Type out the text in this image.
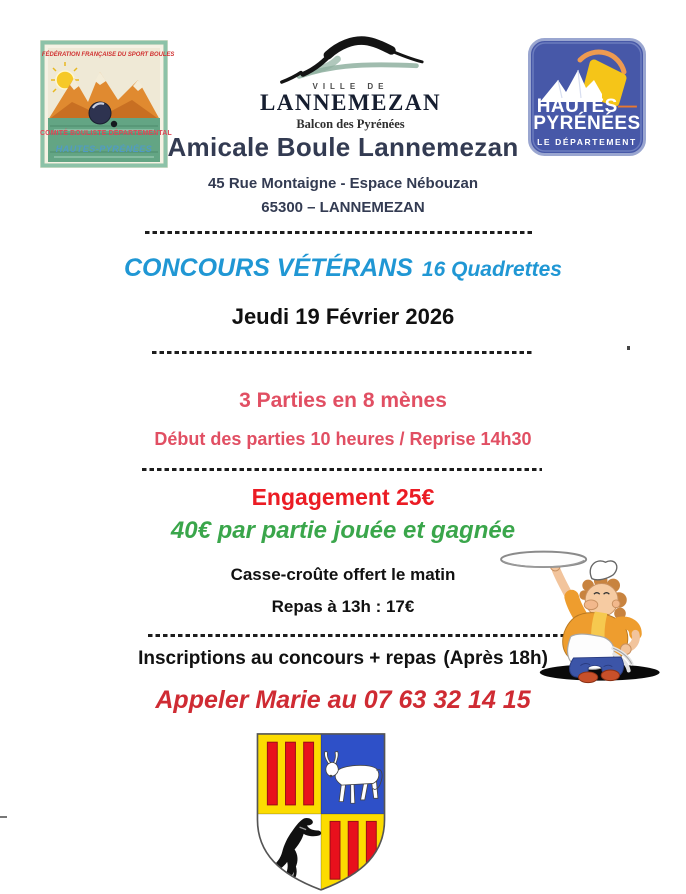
FÉDÉRATION FRANÇAISE DU SPORT BOULES
COMITÉ BOULISTE DÉPARTEMENTAL
HAUTES-PYRÉNÉES
VILLE DE
LANNEMEZAN
Balcon des Pyrénées
HAUTES—
PYRÉNÉES
LE DÉPARTEMENT
Amicale Boule Lannemezan
45 Rue Montaigne - Espace Nébouzan
65300 – LANNEMEZAN
CONCOURS VÉTÉRANS 16 Quadrettes
Jeudi 19 Février 2026
3 Parties en 8 mènes
Début des parties 10 heures / Reprise 14h30
Engagement 25€
40€ par partie jouée et gagnée
Casse-croûte offert le matin
Repas à 13h : 17€
Inscriptions au concours + repas (Après 18h)
Appeler Marie au 07 63 32 14 15
